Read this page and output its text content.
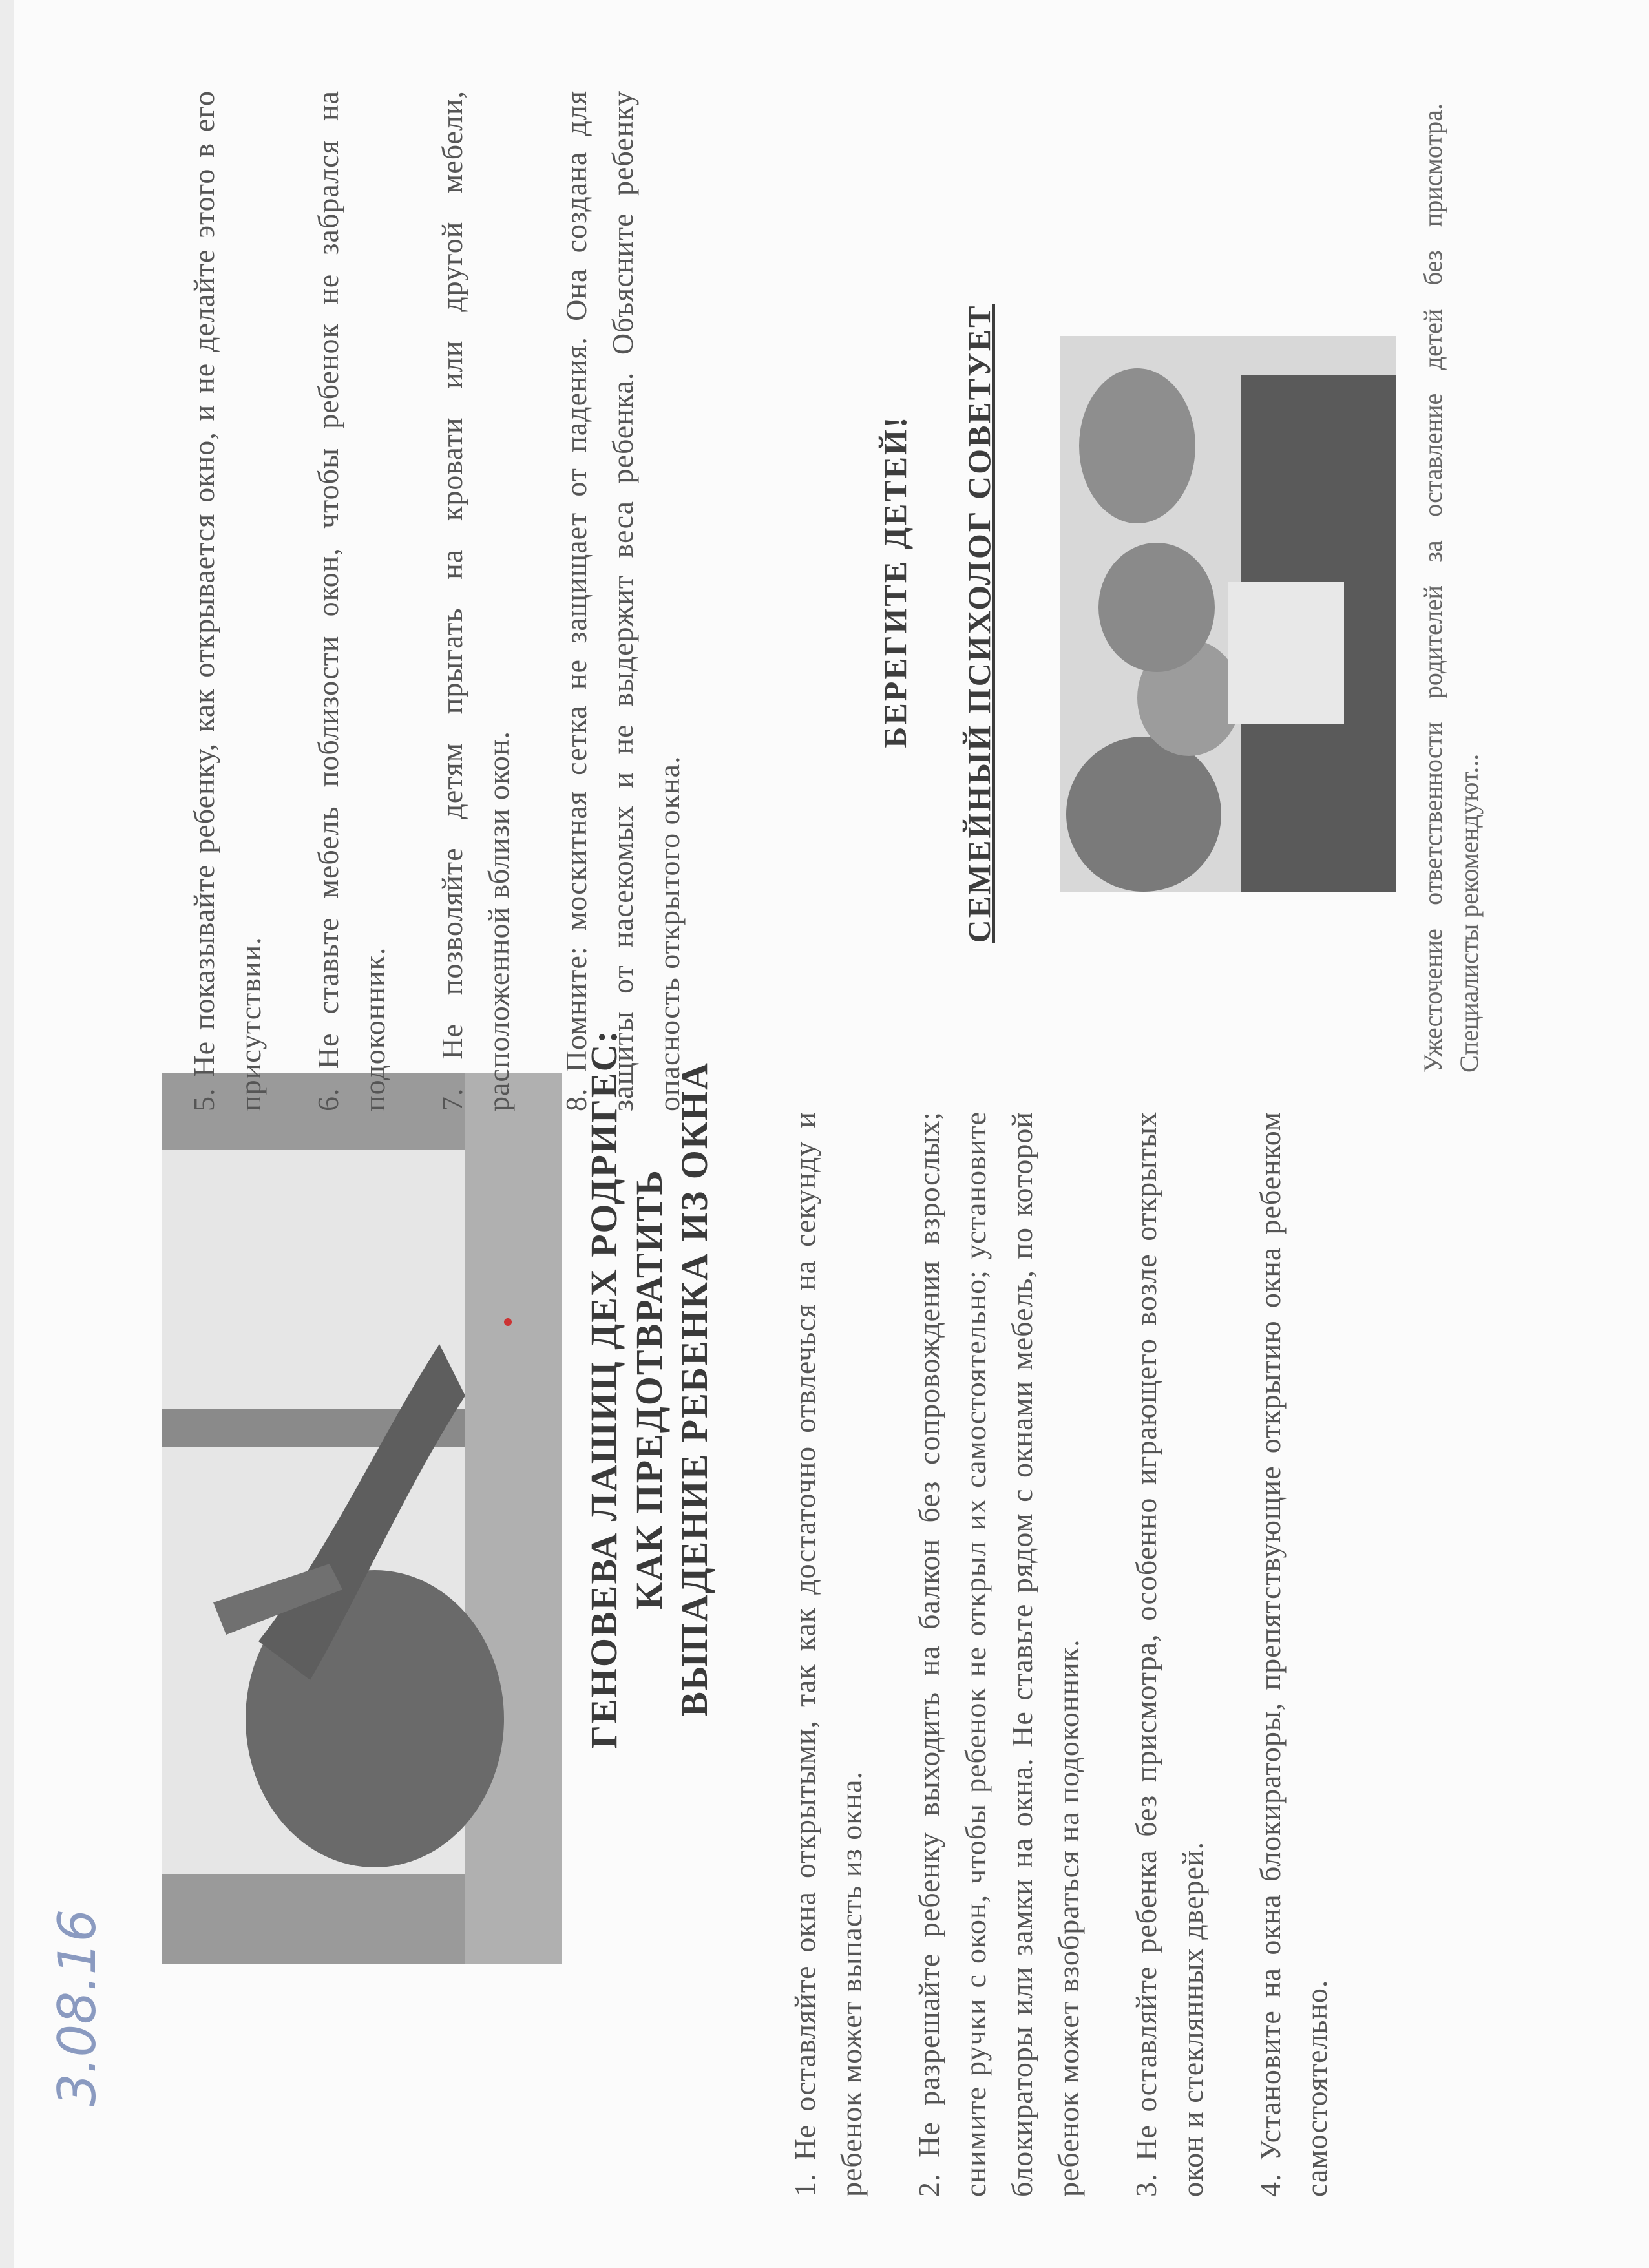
3.08.16
ГЕНОВЕВА ЛАШИЦ ДЕХ РОДРИГЕС: КАК ПРЕДОТВРАТИТЬ ВЫПАДЕНИЕ РЕБЕНКА ИЗ ОКНА 1. Не оставляйте окна открытыми, так как достаточно отвлечься на секунду и ребенок может выпасть из окна. 2. Не разрешайте ребенку выходить на балкон без сопровождения взрослых; снимите ручки с окон, чтобы ребенок не открыл их самостоятельно; установите блокираторы или замки на окна. Не ставьте рядом с окнами мебель, по которой ребенок может взобраться на подоконник. 3. Не оставляйте ребенка без присмотра, особенно играющего возле открытых окон и стеклянных дверей. 4. Установите на окна блокираторы, препятствующие открытию окна ребенком самостоятельно.

5. Не показывайте ребенку, как открывается окно, и не делайте этого в его присутствии. 6. Не ставьте мебель поблизости окон, чтобы ребенок не забрался на подоконник. 7. Не позволяйте детям прыгать на кровати или другой мебели, расположенной вблизи окон. 8. Помните: москитная сетка не защищает от падения. Она создана для защиты от насекомых и не выдержит веса ребенка. Объясните ребенку опасность открытого окна.

БЕРЕГИТЕ ДЕТЕЙ!	СЕМЕЙНЫЙ ПСИХОЛОГ СОВЕТУЕТ	Ужесточение ответственности родителей за оставление детей без присмотра. Специалисты рекомендуют...
